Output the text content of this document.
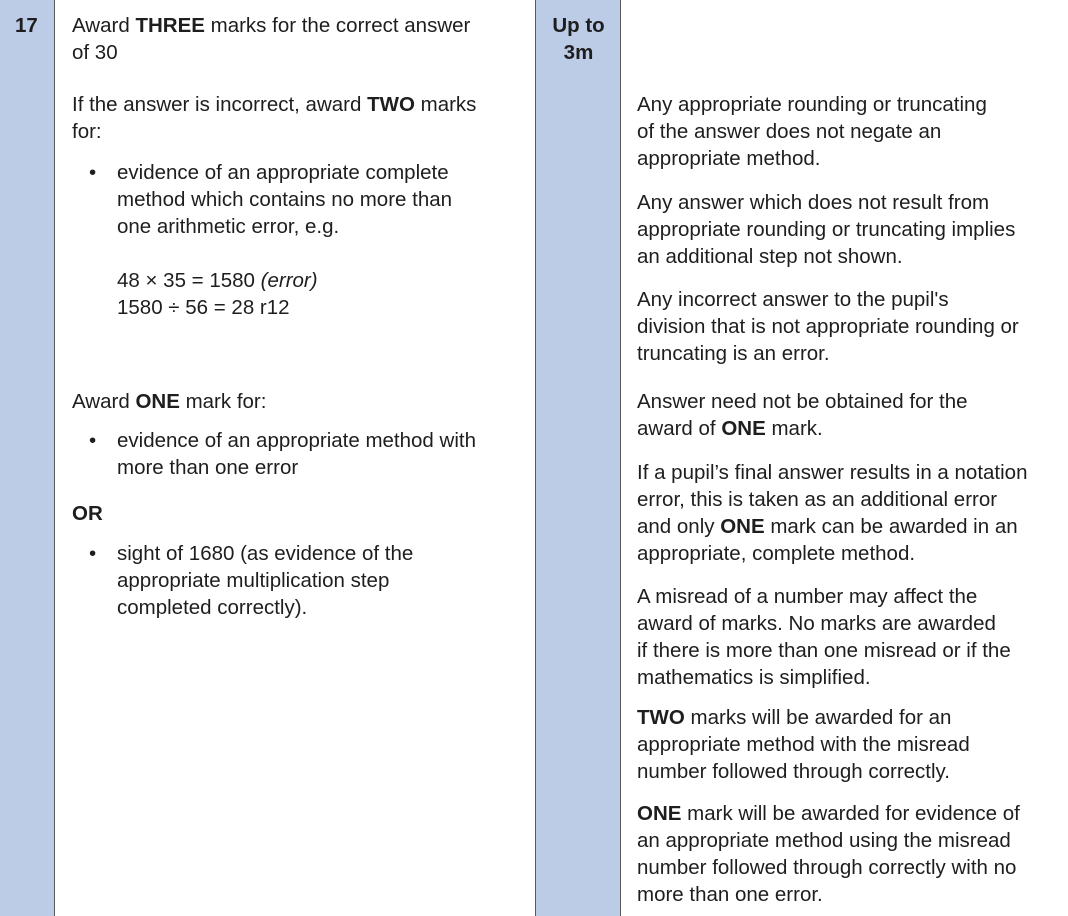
17 Award THREE marks for the correct answer
of 30

If the answer is incorrect, award TWO marks
for:

• evidence of an appropriate complete
method which contains no more than
one arithmetic error, e.g.

48 × 35 = 1580 (error)
1580 ÷ 56 = 28 r12

Award ONE mark for:

• evidence of an appropriate method with
more than one error

OR

• sight of 1680 (as evidence of the
appropriate multiplication step
completed correctly).
Up to
3m

Any appropriate rounding or truncating
of the answer does not negate an
appropriate method.

Any answer which does not result from
appropriate rounding or truncating implies
an additional step not shown.

Any incorrect answer to the pupil's
division that is not appropriate rounding or
truncating is an error.

Answer need not be obtained for the
award of ONE mark.

If a pupil’s final answer results in a notation
error, this is taken as an additional error
and only ONE mark can be awarded in an
appropriate, complete method.

A misread of a number may affect the
award of marks. No marks are awarded
if there is more than one misread or if the
mathematics is simplified.

TWO marks will be awarded for an
appropriate method with the misread
number followed through correctly.

ONE mark will be awarded for evidence of
an appropriate method using the misread
number followed through correctly with no
more than one error.
